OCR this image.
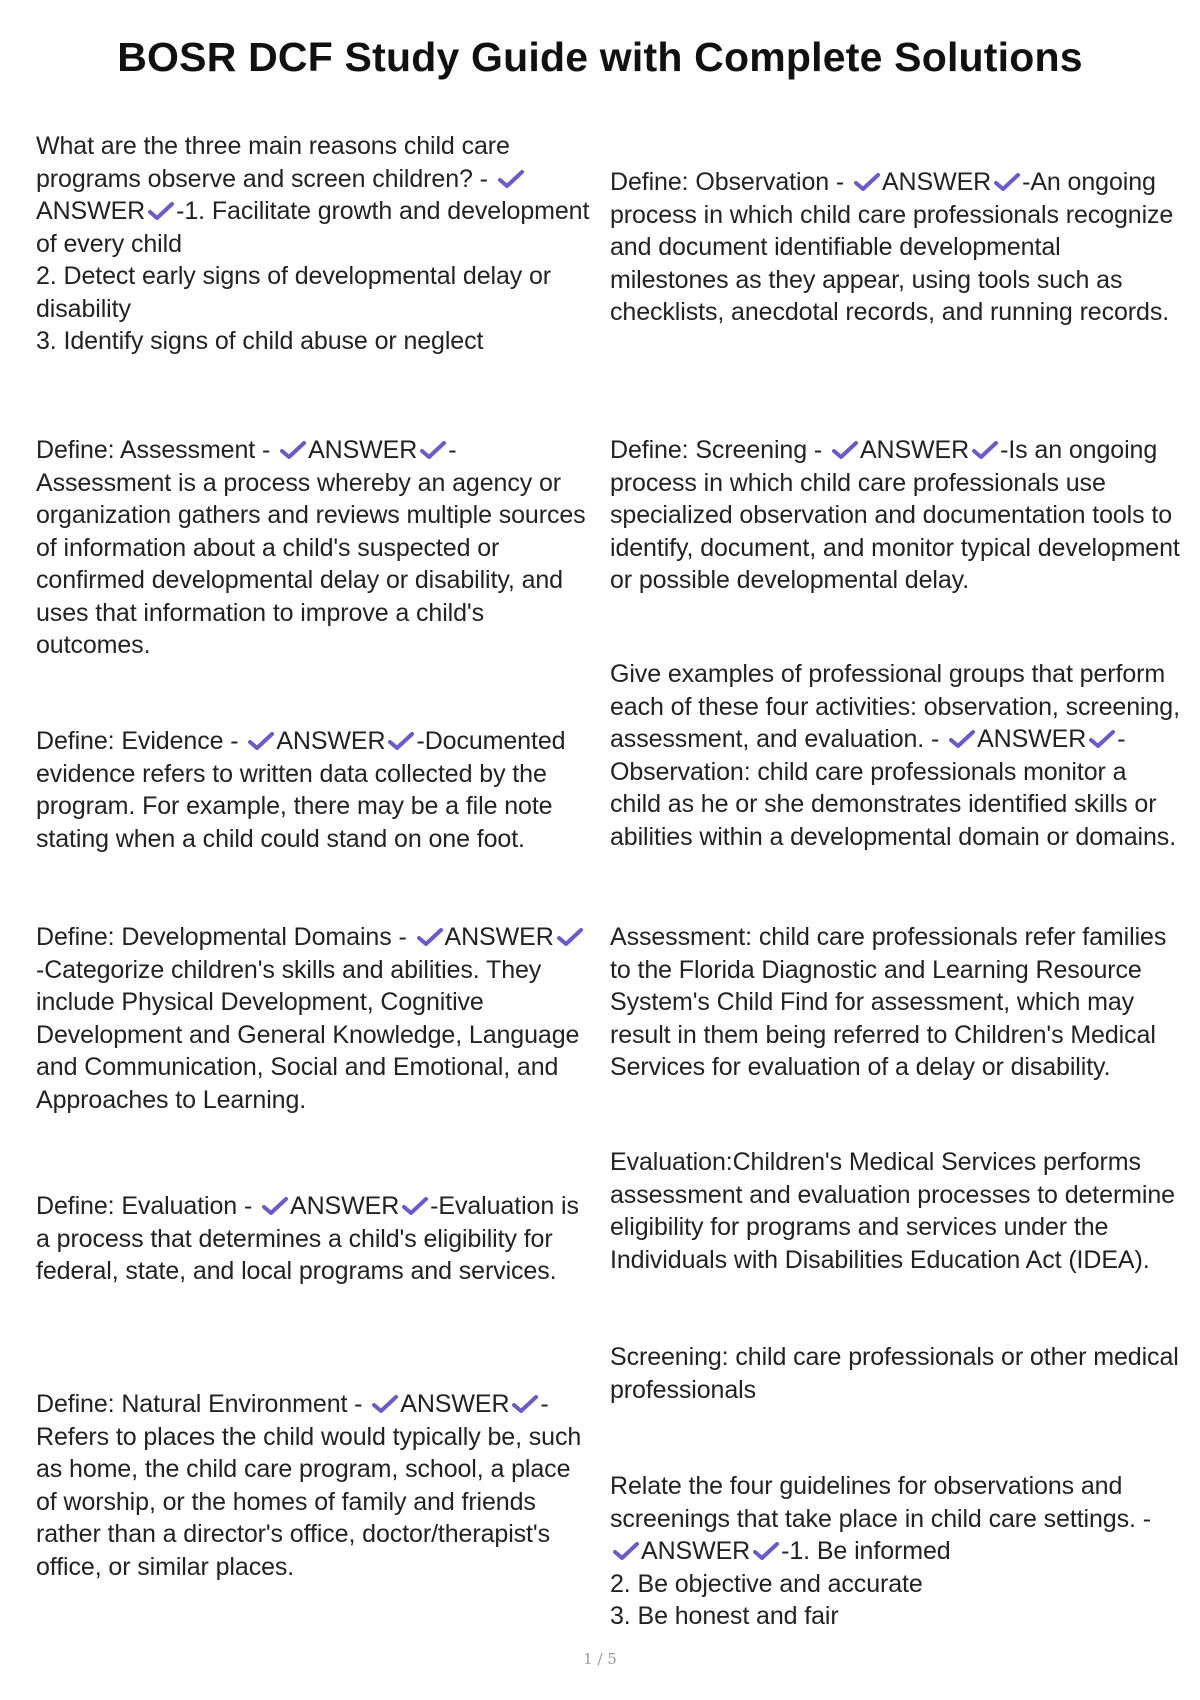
BOSR DCF Study Guide with Complete Solutions

What are the three main reasons child care programs observe and screen children? -
ANSWER -1. Facilitate growth and development of every child

2. Detect early signs of developmental delay or disability

3. Identify signs of child abuse or neglect

Define: Assessment -
ANSWER -Assessment is a process whereby an agency or organization gathers and reviews multiple sources of information about a child's suspected or confirmed developmental delay or disability, and uses that information to improve a child's outcomes.

Define: Evidence -
ANSWER -Documented evidence refers to written data collected by the program. For example, there may be a file note stating when a child could stand on one foot.

Define: Developmental Domains -
ANSWER
-Categorize children's skills and abilities. They include Physical Development, Cognitive Development and General Knowledge, Language and Communication, Social and Emotional, and Approaches to Learning.

Define: Evaluation -
ANSWER -Evaluation is a process that determines a child's eligibility for federal, state, and local programs and services.

Define: Natural Environment -
ANSWER -Refers to places the child would typically be, such as home, the child care program, school, a place

of worship, or the homes of family and friends rather than a director's office, doctor/therapist's office, or similar places.

Define: Observation -
ANSWER -An ongoing process in which child care professionals recognize and document identifiable developmental milestones as they appear, using tools such as checklists, anecdotal records, and running records.

Define: Screening -
ANSWER -Is an ongoing process in which child care professionals use specialized observation and documentation tools to identify, document, and monitor typical development or possible developmental delay.

Give examples of professional groups that perform each of these four activities: observation, screening, assessment, and evaluation. -
ANSWER -Observation: child care professionals monitor a child as he or she demonstrates identified skills or abilities within a developmental domain or domains.

Assessment: child care professionals refer families to the Florida Diagnostic and Learning Resource System's Child Find for assessment, which may result in them being referred to Children's Medical Services for evaluation of a delay or disability.

Evaluation:Children's Medical Services performs assessment and evaluation processes to determine eligibility for programs and services under the Individuals with Disabilities Education Act (IDEA).

Screening: child care professionals or other medical professionals

Relate the four guidelines for observations and screenings that take place in child care settings. -
ANSWER -1. Be informed

2. Be objective and accurate

3. Be honest and fair

1 / 5
